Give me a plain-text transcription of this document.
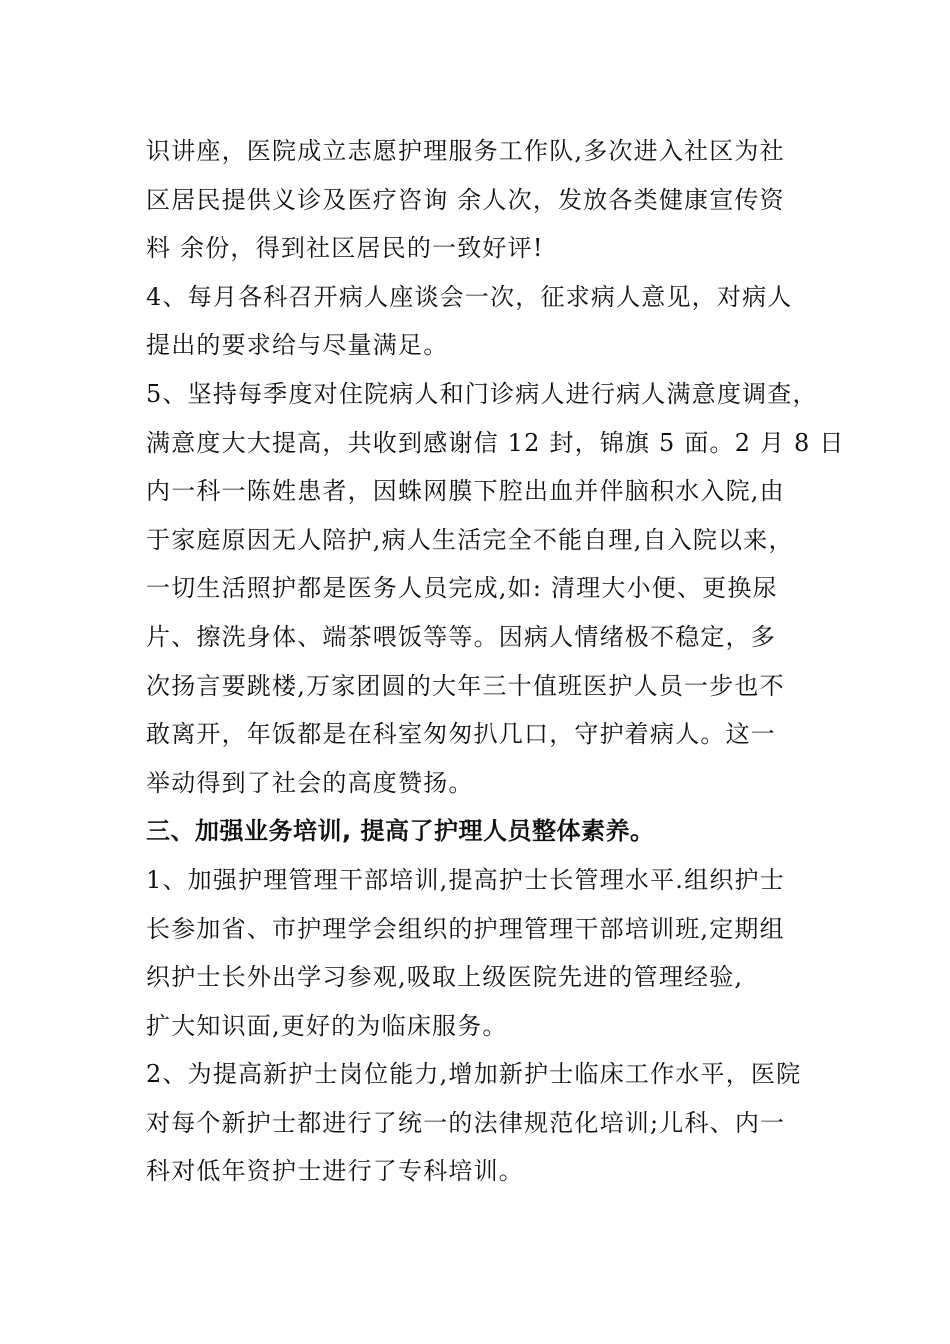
识讲座，医院成立志愿护理服务工作队,多次进入社区为社
区居民提供义诊及医疗咨询 余人次，发放各类健康宣传资
料 余份，得到社区居民的一致好评!
4、每月各科召开病人座谈会一次，征求病人意见，对病人
提出的要求给与尽量满足。
5、坚持每季度对住院病人和门诊病人进行病人满意度调查，
满意度大大提高，共收到感谢信 12 封，锦旗 5 面。2 月 8 日
内一科一陈姓患者，因蛛网膜下腔出血并伴脑积水入院,由
于家庭原因无人陪护,病人生活完全不能自理,自入院以来，
一切生活照护都是医务人员完成,如: 清理大小便、更换尿
片、擦洗身体、端茶喂饭等等。因病人情绪极不稳定，多
次扬言要跳楼,万家团圆的大年三十值班医护人员一步也不
敢离开，年饭都是在科室匆匆扒几口，守护着病人。这一
举动得到了社会的高度赞扬。
三、加强业务培训, 提高了护理人员整体素养。
1、加强护理管理干部培训,提高护士长管理水平.组织护士
长参加省、市护理学会组织的护理管理干部培训班,定期组
织护士长外出学习参观,吸取上级医院先进的管理经验,
扩大知识面,更好的为临床服务。
2、为提高新护士岗位能力,增加新护士临床工作水平，医院
对每个新护士都进行了统一的法律规范化培训;儿科、内一
科对低年资护士进行了专科培训。
